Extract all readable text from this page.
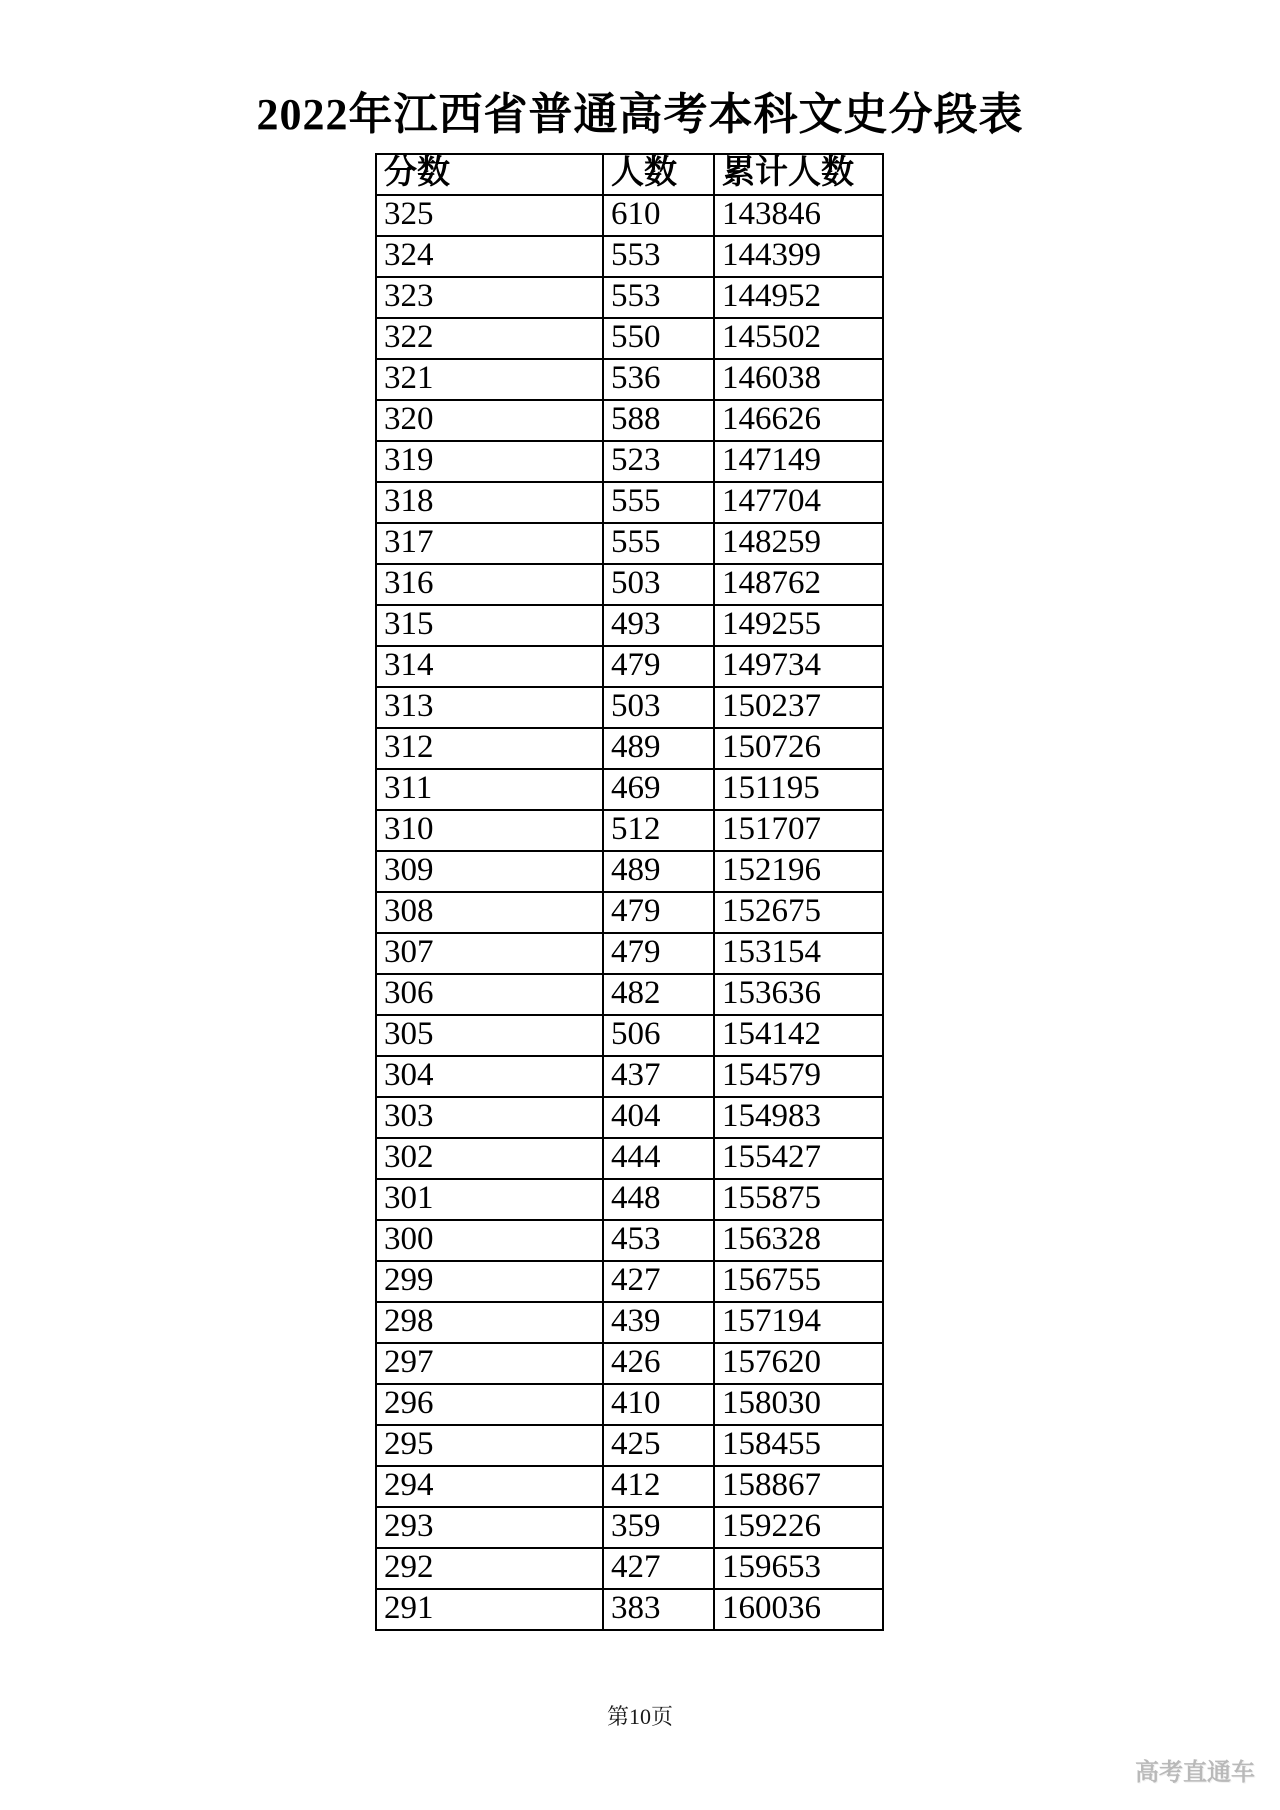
2022年江西省普通高考本科文史分段表
分数	人数	累计人数
325	610	143846
324	553	144399
323	553	144952
322	550	145502
321	536	146038
320	588	146626
319	523	147149
318	555	147704
317	555	148259
316	503	148762
315	493	149255
314	479	149734
313	503	150237
312	489	150726
311	469	151195
310	512	151707
309	489	152196
308	479	152675
307	479	153154
306	482	153636
305	506	154142
304	437	154579
303	404	154983
302	444	155427
301	448	155875
300	453	156328
299	427	156755
298	439	157194
297	426	157620
296	410	158030
295	425	158455
294	412	158867
293	359	159226
292	427	159653
291	383	160036
第10页
高考直通车
